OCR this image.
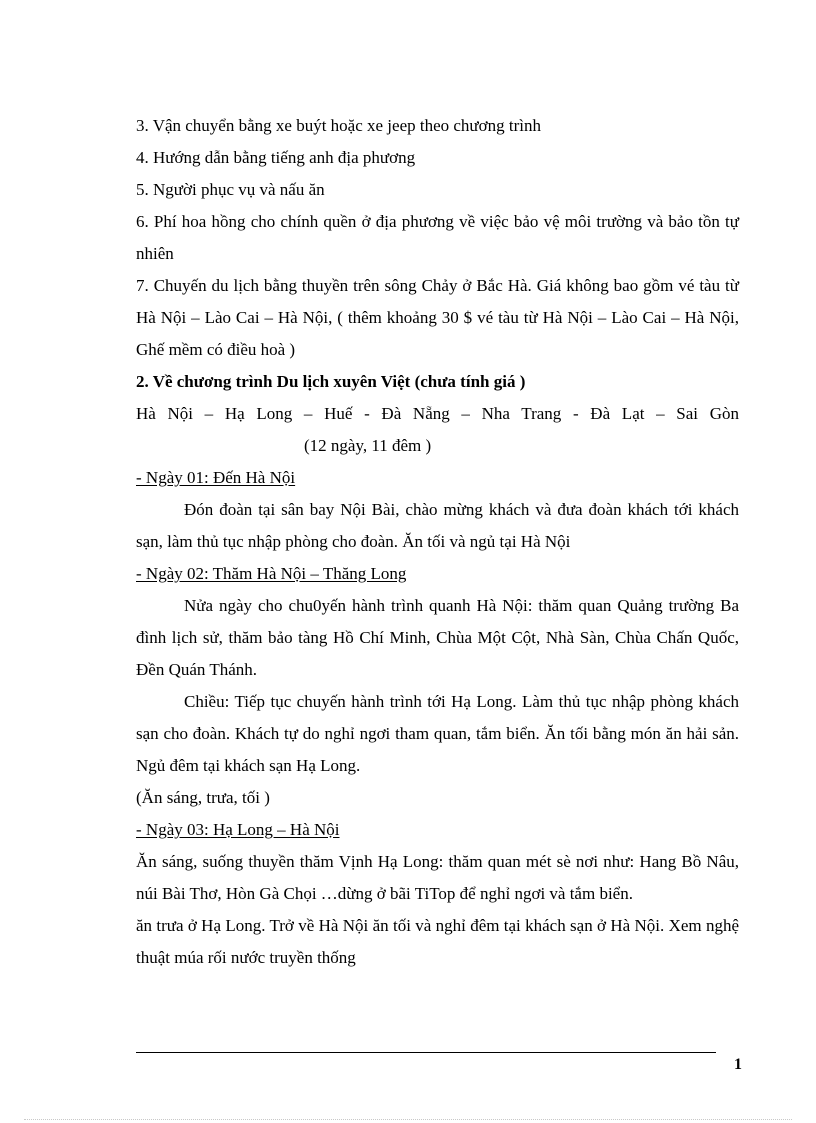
3. Vận chuyển bằng xe buýt hoặc xe jeep theo chương trình

4. Hướng dẫn bằng tiếng anh địa phương

5. Người phục vụ và nấu ăn

6. Phí hoa hồng cho chính quền ở địa phương về việc bảo vệ môi trường và bảo tồn tự nhiên

7. Chuyến du lịch bằng thuyền trên sông Chảy ở Bắc Hà. Giá không bao gồm vé tàu từ Hà Nội – Lào Cai – Hà Nội, ( thêm khoảng 30 $ vé tàu từ Hà Nội – Lào Cai – Hà Nội, Ghế mềm có điều hoà )

2. Về chương trình Du lịch xuyên Việt (chưa tính giá )

Hà Nội – Hạ Long – Huế - Đà Nẵng – Nha Trang - Đà Lạt – Sai Gòn

(12 ngày, 11 đêm )

- Ngày 01: Đến Hà Nội

Đón đoàn tại sân bay Nội Bài, chào mừng khách và đưa đoàn khách tới khách sạn, làm thủ tục nhập phòng cho đoàn. Ăn tối và ngủ tại Hà Nội

- Ngày 02: Thăm Hà Nội – Thăng Long

Nửa ngày cho chu0yến hành trình quanh Hà Nội: thăm quan Quảng trường Ba đình lịch sử, thăm bảo tàng Hồ Chí Minh, Chùa Một Cột, Nhà Sàn, Chùa Chấn Quốc, Đền Quán Thánh.

Chiều: Tiếp tục chuyến hành trình tới Hạ Long. Làm thủ tục nhập phòng khách sạn cho đoàn. Khách tự do nghỉ ngơi tham quan, tắm biển. Ăn tối bằng món ăn hải sản. Ngủ đêm tại khách sạn Hạ Long.

(Ăn sáng, trưa, tối )

- Ngày 03: Hạ Long – Hà Nội

Ăn sáng, suống thuyền thăm Vịnh Hạ Long: thăm quan mét sè nơi như: Hang Bồ Nâu, núi Bài Thơ, Hòn Gà Chọi …dừng ở bãi TiTop để nghỉ ngơi và tắm biển.

ăn trưa ở Hạ Long. Trở về Hà Nội ăn tối và nghỉ đêm tại khách sạn ở Hà Nội. Xem nghệ thuật múa rối nước truyền thống

1
